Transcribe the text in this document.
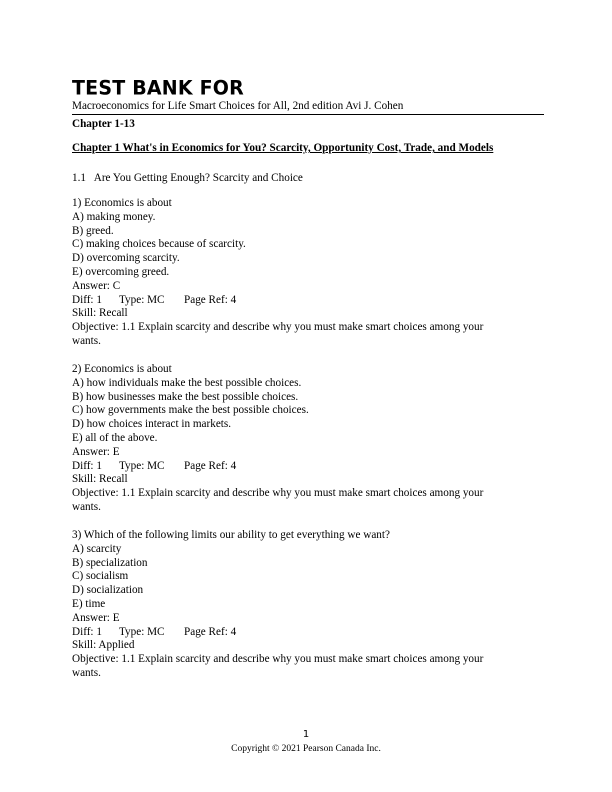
TEST BANK FOR
Macroeconomics for Life Smart Choices for All, 2nd edition Avi J. Cohen
Chapter 1-13
Chapter 1 What's in Economics for You? Scarcity, Opportunity Cost, Trade, and Models
1.1   Are You Getting Enough? Scarcity and Choice
1) Economics is about
A) making money.
B) greed.
C) making choices because of scarcity.
D) overcoming scarcity.
E) overcoming greed.
Answer: C
Diff: 1 Type: MC Page Ref: 4
Skill: Recall
Objective: 1.1 Explain scarcity and describe why you must make smart choices among your
wants.
2) Economics is about
A) how individuals make the best possible choices.
B) how businesses make the best possible choices.
C) how governments make the best possible choices.
D) how choices interact in markets.
E) all of the above.
Answer: E
Diff: 1 Type: MC Page Ref: 4
Skill: Recall
Objective: 1.1 Explain scarcity and describe why you must make smart choices among your
wants.
3) Which of the following limits our ability to get everything we want?
A) scarcity
B) specialization
C) socialism
D) socialization
E) time
Answer: E
Diff: 1 Type: MC Page Ref: 4
Skill: Applied
Objective: 1.1 Explain scarcity and describe why you must make smart choices among your
wants.
1
Copyright © 2021 Pearson Canada Inc.
